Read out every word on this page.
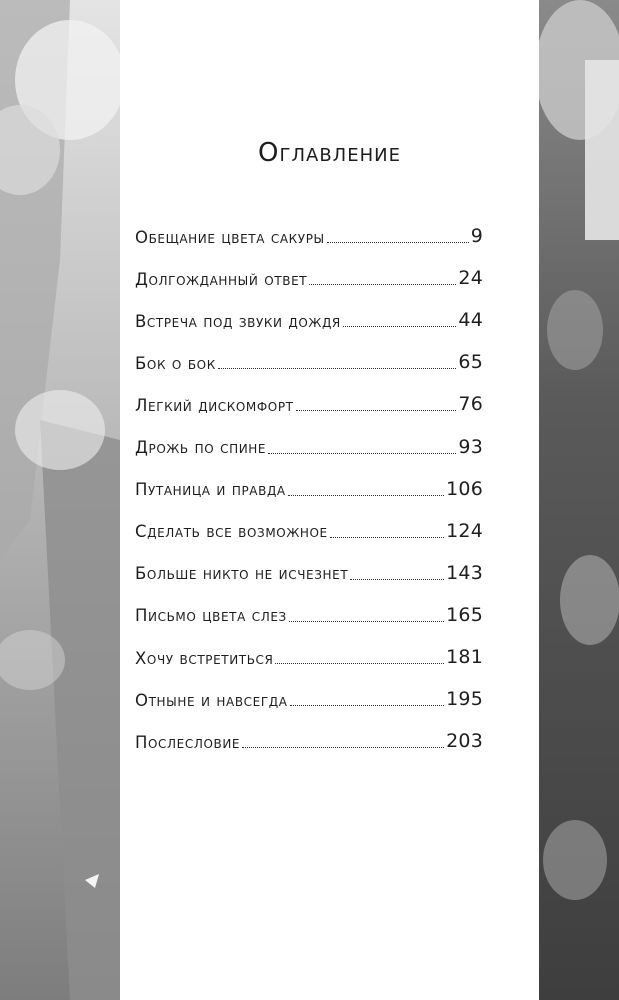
Оглавление
Обещание цвета сакуры	9
Долгожданный ответ	24
Встреча под звуки дождя	44
Бок о бок	65
Легкий дискомфорт	76
Дрожь по спине	93
Путаница и правда	106
Сделать все возможное	124
Больше никто не исчезнет	143
Письмо цвета слез	165
Хочу встретиться	181
Отныне и навсегда	195
Послесловие	203
